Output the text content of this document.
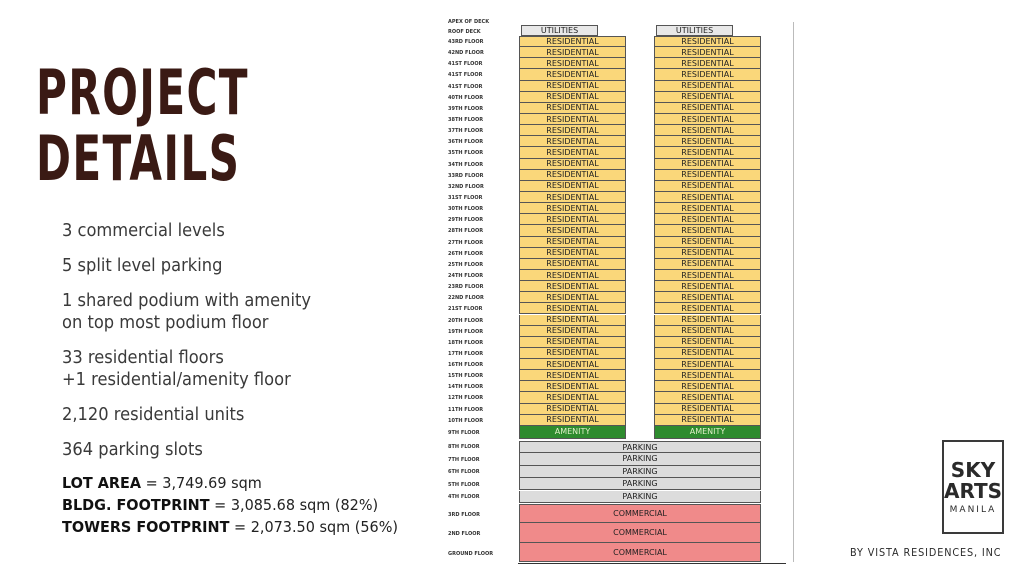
PROJECT
DETAILS
3 commercial levels
5 split level parking
1 shared podium with amenity
on top most podium floor
33 residential floors
+1 residential/amenity floor
2,120 residential units
364 parking slots
LOT AREA = 3,749.69 sqm
BLDG. FOOTPRINT = 3,085.68 sqm (82%)
TOWERS FOOTPRINT = 2,073.50 sqm (56%)
APEX OF DECK
ROOF DECK
43RD FLOOR
42ND FLOOR
41ST FLOOR
41ST FLOOR
41ST FLOOR
40TH FLOOR
39TH FLOOR
38TH FLOOR
37TH FLOOR
36TH FLOOR
35TH FLOOR
34TH FLOOR
33RD FLOOR
32ND FLOOR
31ST FLOOR
30TH FLOOR
29TH FLOOR
28TH FLOOR
27TH FLOOR
26TH FLOOR
25TH FLOOR
24TH FLOOR
23RD FLOOR
22ND FLOOR
21ST FLOOR
20TH FLOOR
19TH FLOOR
18TH FLOOR
17TH FLOOR
16TH FLOOR
15TH FLOOR
14TH FLOOR
12TH FLOOR
11TH FLOOR
10TH FLOOR
9TH FLOOR
8TH FLOOR
7TH FLOOR
6TH FLOOR
5TH FLOOR
4TH FLOOR
3RD FLOOR
2ND FLOOR
GROUND FLOOR
UTILITIES
RESIDENTIAL
RESIDENTIAL
RESIDENTIAL
RESIDENTIAL
RESIDENTIAL
RESIDENTIAL
RESIDENTIAL
RESIDENTIAL
RESIDENTIAL
RESIDENTIAL
RESIDENTIAL
RESIDENTIAL
RESIDENTIAL
RESIDENTIAL
RESIDENTIAL
RESIDENTIAL
RESIDENTIAL
RESIDENTIAL
RESIDENTIAL
RESIDENTIAL
RESIDENTIAL
RESIDENTIAL
RESIDENTIAL
RESIDENTIAL
RESIDENTIAL
RESIDENTIAL
RESIDENTIAL
RESIDENTIAL
RESIDENTIAL
RESIDENTIAL
RESIDENTIAL
RESIDENTIAL
RESIDENTIAL
RESIDENTIAL
RESIDENTIAL
AMENITY
UTILITIES
RESIDENTIAL
RESIDENTIAL
RESIDENTIAL
RESIDENTIAL
RESIDENTIAL
RESIDENTIAL
RESIDENTIAL
RESIDENTIAL
RESIDENTIAL
RESIDENTIAL
RESIDENTIAL
RESIDENTIAL
RESIDENTIAL
RESIDENTIAL
RESIDENTIAL
RESIDENTIAL
RESIDENTIAL
RESIDENTIAL
RESIDENTIAL
RESIDENTIAL
RESIDENTIAL
RESIDENTIAL
RESIDENTIAL
RESIDENTIAL
RESIDENTIAL
RESIDENTIAL
RESIDENTIAL
RESIDENTIAL
RESIDENTIAL
RESIDENTIAL
RESIDENTIAL
RESIDENTIAL
RESIDENTIAL
RESIDENTIAL
RESIDENTIAL
AMENITY
PARKING
PARKING
PARKING
PARKING
PARKING
COMMERCIAL
COMMERCIAL
COMMERCIAL
SKY
ARTS
MANILA
BY VISTA RESIDENCES, INC
